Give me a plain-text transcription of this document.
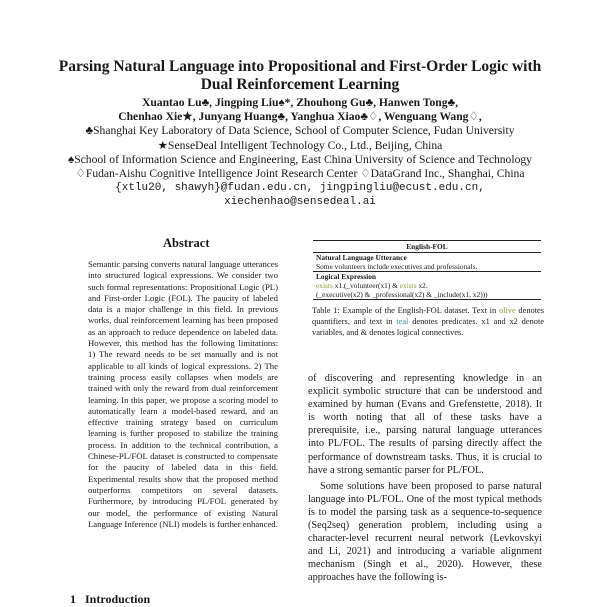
Parsing Natural Language into Propositional and First-Order Logic with
Dual Reinforcement Learning
Xuantao Lu♣, Jingping Liu♠*, Zhouhong Gu♣, Hanwen Tong♣,
Chenhao Xie★, Junyang Huang♣, Yanghua Xiao♣♢, Wenguang Wang♢,
♣Shanghai Key Laboratory of Data Science, School of Computer Science, Fudan University
★SenseDeal Intelligent Technology Co., Ltd., Beijing, China
♠School of Information Science and Engineering, East China University of Science and Technology
♢Fudan-Aishu Cognitive Intelligence Joint Research Center ♢DataGrand Inc., Shanghai, China
{xtlu20, shawyh}@fudan.edu.cn, jingpingliu@ecust.edu.cn,
xiechenhao@sensedeal.ai
Abstract
Semantic parsing converts natural language utterances into structured logical expressions. We consider two such formal representations: Propositional Logic (PL) and First-order Logic (FOL). The paucity of labeled data is a major challenge in this field. In previous works, dual reinforcement learning has been proposed as an approach to reduce dependence on labeled data. However, this method has the following limitations: 1) The reward needs to be set manually and is not applicable to all kinds of logical expressions. 2) The training process easily collapses when models are trained with only the reward from dual reinforcement learning. In this paper, we propose a scoring model to automatically learn a model-based reward, and an effective training strategy based on curriculum learning is further proposed to stabilize the training process. In addition to the technical contribution, a Chinese-PL/FOL dataset is constructed to compensate for the paucity of labeled data in this field. Experimental results show that the proposed method outperforms competitors on several datasets. Furthermore, by introducing PL/FOL generated by our model, the performance of existing Natural Language Inference (NLI) models is further enhanced.
1 Introduction
English-FOL
Natural Language Utterance
Some volunteers include executives and professionals.
Logical Expression
exists x1.(_volunteer(x1) & exists x2.
(_executive(x2) & _professional(x2) & _include(x1, x2)))
Table 1: Example of the English-FOL dataset. Text in olive denotes quantifiers, and text in teal denotes predicates. x1 and x2 denote variables, and & denotes logical connectives.

of discovering and representing knowledge in an explicit symbolic structure that can be understood and examined by human (Evans and Grefenstette, 2018). It is worth noting that all of these tasks have a prerequisite, i.e., parsing natural language utterances into PL/FOL. The results of parsing directly affect the performance of downstream tasks. Thus, it is crucial to have a strong semantic parser for PL/FOL.

Some solutions have been proposed to parse natural language into PL/FOL. One of the most typical methods is to model the parsing task as a sequence-to-sequence (Seq2seq) generation problem, including using a character-level recurrent neural network (Levkovskyi and Li, 2021) and introducing a variable alignment mechanism (Singh et al., 2020). However, these approaches have the following is-
